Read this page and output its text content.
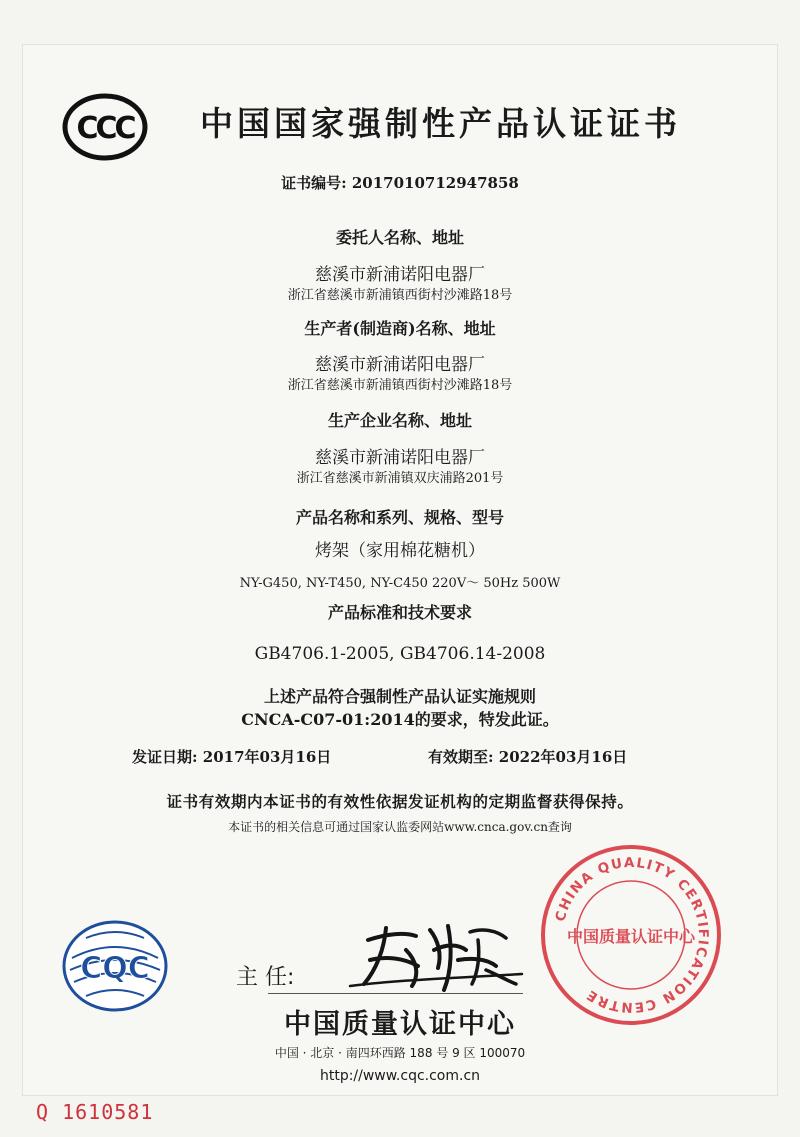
CCC 中国国家强制性产品认证证书
证书编号: 2017010712947858
委托人名称、地址
慈溪市新浦诺阳电器厂
浙江省慈溪市新浦镇西街村沙滩路18号
生产者(制造商)名称、地址
慈溪市新浦诺阳电器厂
浙江省慈溪市新浦镇西街村沙滩路18号
生产企业名称、地址
慈溪市新浦诺阳电器厂
浙江省慈溪市新浦镇双庆浦路201号
产品名称和系列、规格、型号
烤架（家用棉花糖机）
NY-G450, NY-T450, NY-C450 220V～ 50Hz 500W
产品标准和技术要求
GB4706.1-2005, GB4706.14-2008
上述产品符合强制性产品认证实施规则
CNCA-C07-01:2014的要求，特发此证。
发证日期: 2017年03月16日	有效期至: 2022年03月16日
证书有效期内本证书的有效性依据发证机构的定期监督获得保持。
本证书的相关信息可通过国家认监委网站www.cnca.gov.cn查询
CQC	主 任:
中国质量认证中心
中国 · 北京 · 南四环西路 188 号 9 区 100070
http://www.cqc.com.cn
CHINA QUALITY CERTIFICATION CENTRE
中国质量认证中心
Q 1610581
